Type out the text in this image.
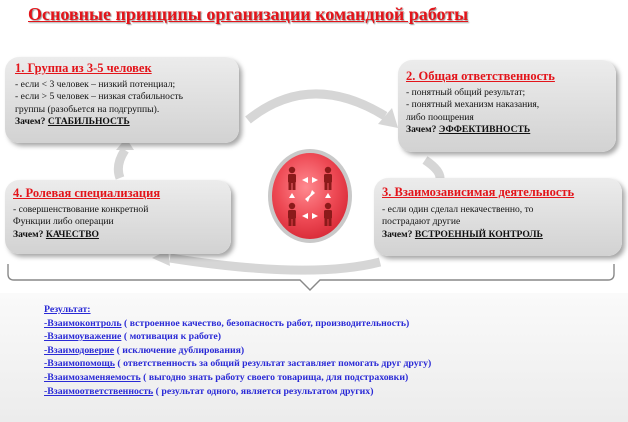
Основные принципы организации командной работы
1. Группа из 3-5 человек
- если < 3 человек – низкий потенциал;
- если > 5 человек – низкая стабильность
группы (разобьется на подгруппы).
Зачем? СТАБИЛЬНОСТЬ
2. Общая ответственность
- понятный общий результат;
- понятный механизм наказания,
либо поощрения
Зачем? ЭФФЕКТИВНОСТЬ
4. Ролевая специализация
- совершенствование конкретной
Функции либо операции
Зачем? КАЧЕСТВО
3. Взаимозависимая деятельность
- если один сделал некачественно, то
пострадают другие
Зачем? ВСТРОЕННЫЙ КОНТРОЛЬ
Результат:
-Взаимоконтроль ( встроенное качество, безопасность работ, производительность)
-Взаимоуважение ( мотивация к работе)
-Взаимодоверие ( исключение дублирования)
-Взаимопомощь ( ответственность за общий результат заставляет помогать друг другу)
-Взаимозаменяемость ( выгодно знать работу своего товарища, для подстраховки)
-Взаимоответственность ( результат одного, является результатом других)
